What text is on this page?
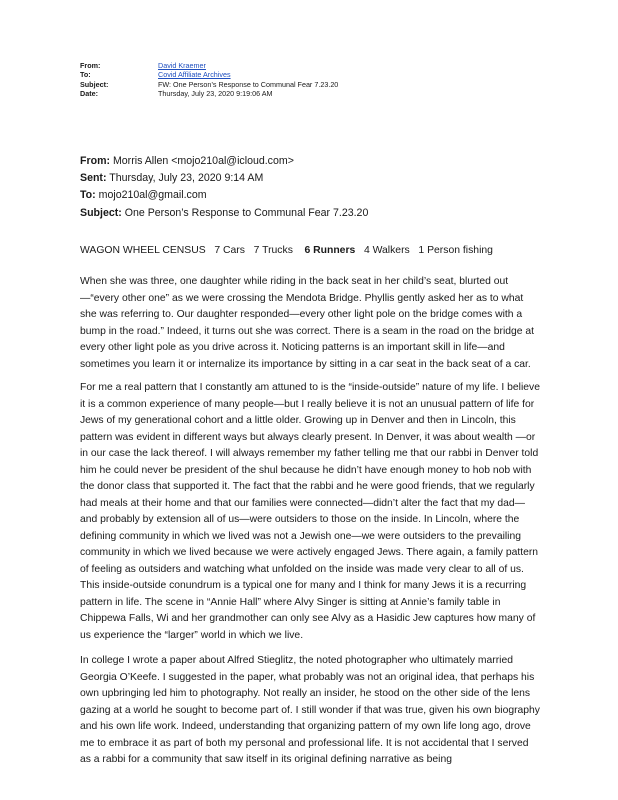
From:	David Kraemer
To:	Covid Affiliate Archives
Subject:	FW: One Person’s Response to Communal Fear 7.23.20
Date:	Thursday, July 23, 2020 9:19:06 AM
From: Morris Allen <mojo210al@icloud.com>
Sent: Thursday, July 23, 2020 9:14 AM
To: mojo210al@gmail.com
Subject: One Person’s Response to Communal Fear 7.23.20
WAGON WHEEL CENSUS 7 Cars 7 Trucks 6 Runners 4 Walkers 1 Person fishing

When she was three, one daughter while riding in the back seat in her child’s seat, blurted out —“every other one” as we were crossing the Mendota Bridge. Phyllis gently asked her as to what she was referring to. Our daughter responded—every other light pole on the bridge comes with a bump in the road.” Indeed, it turns out she was correct. There is a seam in the road on the bridge at every other light pole as you drive across it. Noticing patterns is an important skill in life—and sometimes you learn it or internalize its importance by sitting in a car seat in the back seat of a car.

For me a real pattern that I constantly am attuned to is the “inside-outside” nature of my life. I believe it is a common experience of many people—but I really believe it is not an unusual pattern of life for Jews of my generational cohort and a little older. Growing up in Denver and then in Lincoln, this pattern was evident in different ways but always clearly present. In Denver, it was about wealth —or in our case the lack thereof. I will always remember my father telling me that our rabbi in Denver told him he could never be president of the shul because he didn’t have enough money to hob nob with the donor class that supported it. The fact that the rabbi and he were good friends, that we regularly had meals at their home and that our families were connected—didn’t alter the fact that my dad—and probably by extension all of us—were outsiders to those on the inside. In Lincoln, where the defining community in which we lived was not a Jewish one—we were outsiders to the prevailing community in which we lived because we were actively engaged Jews. There again, a family pattern of feeling as outsiders and watching what unfolded on the inside was made very clear to all of us. This inside-outside conundrum is a typical one for many and I think for many Jews it is a recurring pattern in life. The scene in “Annie Hall” where Alvy Singer is sitting at Annie’s family table in Chippewa Falls, Wi and her grandmother can only see Alvy as a Hasidic Jew captures how many of us experience the “larger” world in which we live.

In college I wrote a paper about Alfred Stieglitz, the noted photographer who ultimately married Georgia O’Keefe. I suggested in the paper, what probably was not an original idea, that perhaps his own upbringing led him to photography. Not really an insider, he stood on the other side of the lens gazing at a world he sought to become part of. I still wonder if that was true, given his own biography and his own life work. Indeed, understanding that organizing pattern of my own life long ago, drove me to embrace it as part of both my personal and professional life. It is not accidental that I served as a rabbi for a community that saw itself in its original defining narrative as being
